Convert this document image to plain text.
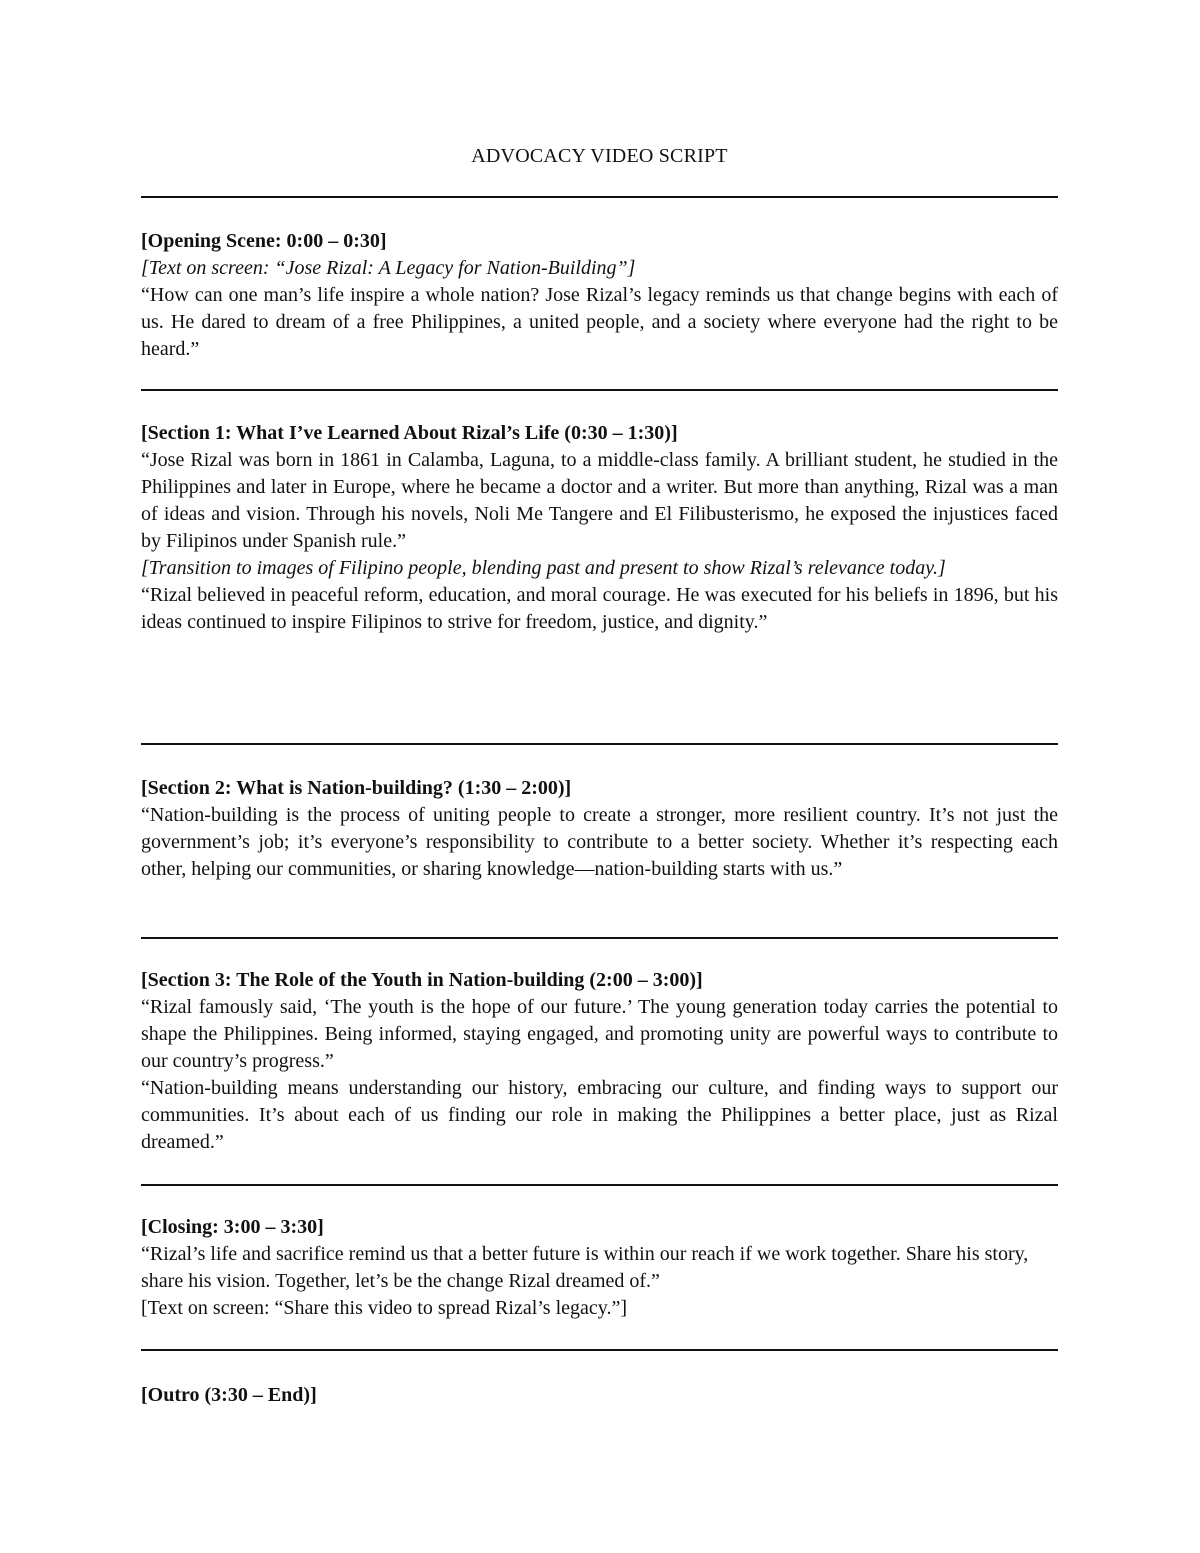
ADVOCACY VIDEO SCRIPT

[Opening Scene: 0:00 – 0:30]

[Text on screen: “Jose Rizal: A Legacy for Nation-Building”]

“How can one man’s life inspire a whole nation? Jose Rizal’s legacy reminds us that change begins with each of us. He dared to dream of a free Philippines, a united people, and a society where everyone had the right to be heard.”

[Section 1: What I’ve Learned About Rizal’s Life (0:30 – 1:30)]

“Jose Rizal was born in 1861 in Calamba, Laguna, to a middle-class family. A brilliant student, he studied in the Philippines and later in Europe, where he became a doctor and a writer. But more than anything, Rizal was a man of ideas and vision. Through his novels, Noli Me Tangere and El Filibusterismo, he exposed the injustices faced by Filipinos under Spanish rule.”

[Transition to images of Filipino people, blending past and present to show Rizal’s relevance today.]

“Rizal believed in peaceful reform, education, and moral courage. He was executed for his beliefs in 1896, but his ideas continued to inspire Filipinos to strive for freedom, justice, and dignity.”

[Section 2: What is Nation-building? (1:30 – 2:00)]

“Nation-building is the process of uniting people to create a stronger, more resilient country. It’s not just the government’s job; it’s everyone’s responsibility to contribute to a better society. Whether it’s respecting each other, helping our communities, or sharing knowledge—nation-building starts with us.”

[Section 3: The Role of the Youth in Nation-building (2:00 – 3:00)]

“Rizal famously said, ‘The youth is the hope of our future.’ The young generation today carries the potential to shape the Philippines. Being informed, staying engaged, and promoting unity are powerful ways to contribute to our country’s progress.”

“Nation-building means understanding our history, embracing our culture, and finding ways to support our communities. It’s about each of us finding our role in making the Philippines a better place, just as Rizal dreamed.”

[Closing: 3:00 – 3:30]

“Rizal’s life and sacrifice remind us that a better future is within our reach if we work together. Share his story, share his vision. Together, let’s be the change Rizal dreamed of.”

[Text on screen: “Share this video to spread Rizal’s legacy.”]

[Outro (3:30 – End)]
